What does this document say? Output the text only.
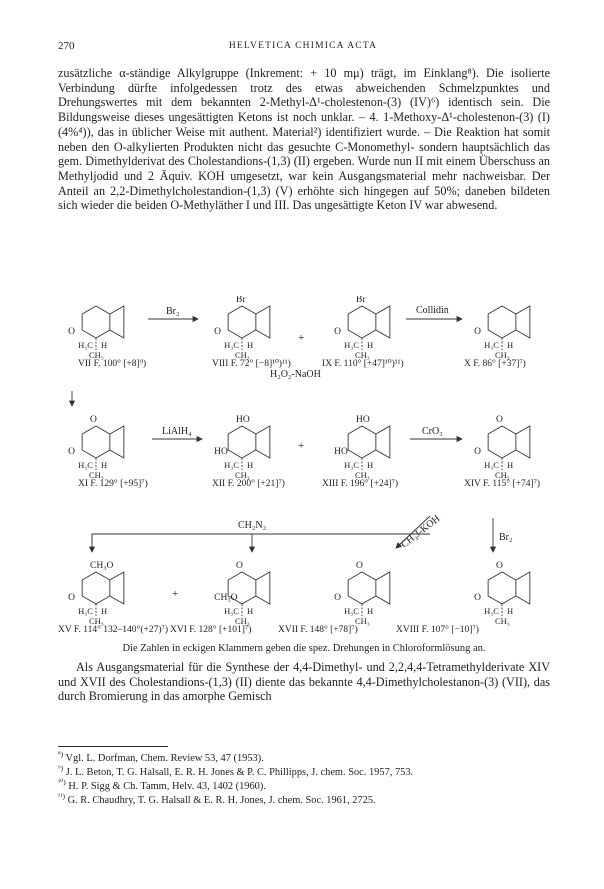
270	HELVETICA CHIMICA ACTA

zusätzliche α-ständige Alkylgruppe (Inkrement: + 10 mμ) trägt, im Einklang⁸). Die isolierte Verbindung dürfte infolgedessen trotz des etwas abweichenden Schmelzpunktes und Drehungswertes mit dem bekannten 2-Methyl-Δ¹-cholestenon-(3) (IV)⁶) identisch sein. Die Bildungsweise dieses ungesättigten Ketons ist noch unklar. – 4. 1-Methoxy-Δ¹-cholestenon-(3) (I) (4%⁴)), das in üblicher Weise mit authent. Material²) identifiziert wurde. – Die Reaktion hat somit neben den O-alkylierten Produkten nicht das gesuchte C-Monomethyl- sondern hauptsächlich das gem. Dimethylderivat des Cholestandions-(1,3) (II) ergeben. Wurde nun II mit einem Überschuss an Methyljodid und 2 Äquiv. KOH umgesetzt, war kein Ausgangsmaterial mehr nachweisbar. Der Anteil an 2,2-Dimethylcholestandion-(1,3) (V) erhöhte sich hingegen auf 50%; daneben bildeten sich wieder die beiden O-Methyläther I und III. Das ungesättigte Keton IV war abwesend.

O
H₃C H
CH₃
Br
O
H₃C H
CH₃
Br
O
H₃C H
CH₃
O
H₃C H
CH₃
O
O
H₃C H
CH₃
HO
HO
H₃C H
CH₃
HO
HO
H₃C H
CH₃
O
O
H₃C H
CH₃
CH₃O
O
H₃C H
CH₃
O
CH₃O
H₃C H
CH₃
O
O
H₃C H
CH₃
O
O
H₃C H
CH₃
Br₂	Collidin
+
H₂O₂-NaOH
LiAlH₄	CrO₃
+
CH₂N₂	CH₃J-KOH	Br₂
+
VII F. 100° [+8]⁹)	VIII F. 72° [−8]¹⁰)¹¹)	IX F. 110° [+47]¹⁰)¹¹)	X F. 86° [+37]⁷)
XI F. 129° [+95]⁷)	XII F. 200° [+21]⁷)	XIII F. 196° [+24]⁷)	XIV F. 115° [+74]⁷)
XV F. 114° 132–140°(+27)⁷) XVI F. 128° [+101]⁷)	XVII F. 148° [+78]⁷)	XVIII F. 107° [−10]⁷)
Die Zahlen in eckigen Klammern geben die spez. Drehungen in Chloroformlösung an.
Als Ausgangsmaterial für die Synthese der 4,4-Dimethyl- und 2,2,4,4-Tetramethylderivate XIV und XVII des Cholestandions-(1,3) (II) diente das bekannte 4,4-Dimethylcholestanon-(3) (VII), das durch Bromierung in das amorphe Gemisch
$^{^8)}$ Vgl. L. Dorfman, Chem. Review 53, 47 (1953).
$^{^9)}$ J. L. Beton, T. G. Halsall, E. R. H. Jones & P. C. Phillipps, J. chem. Soc. 1957, 753.
$^{^{10})}$ H. P. Sigg & Ch. Tamm, Helv. 43, 1402 (1960).
$^{^{11})}$ G. R. Chaudhry, T. G. Halsall & E. R. H. Jones, J. chem. Soc. 1961, 2725.
